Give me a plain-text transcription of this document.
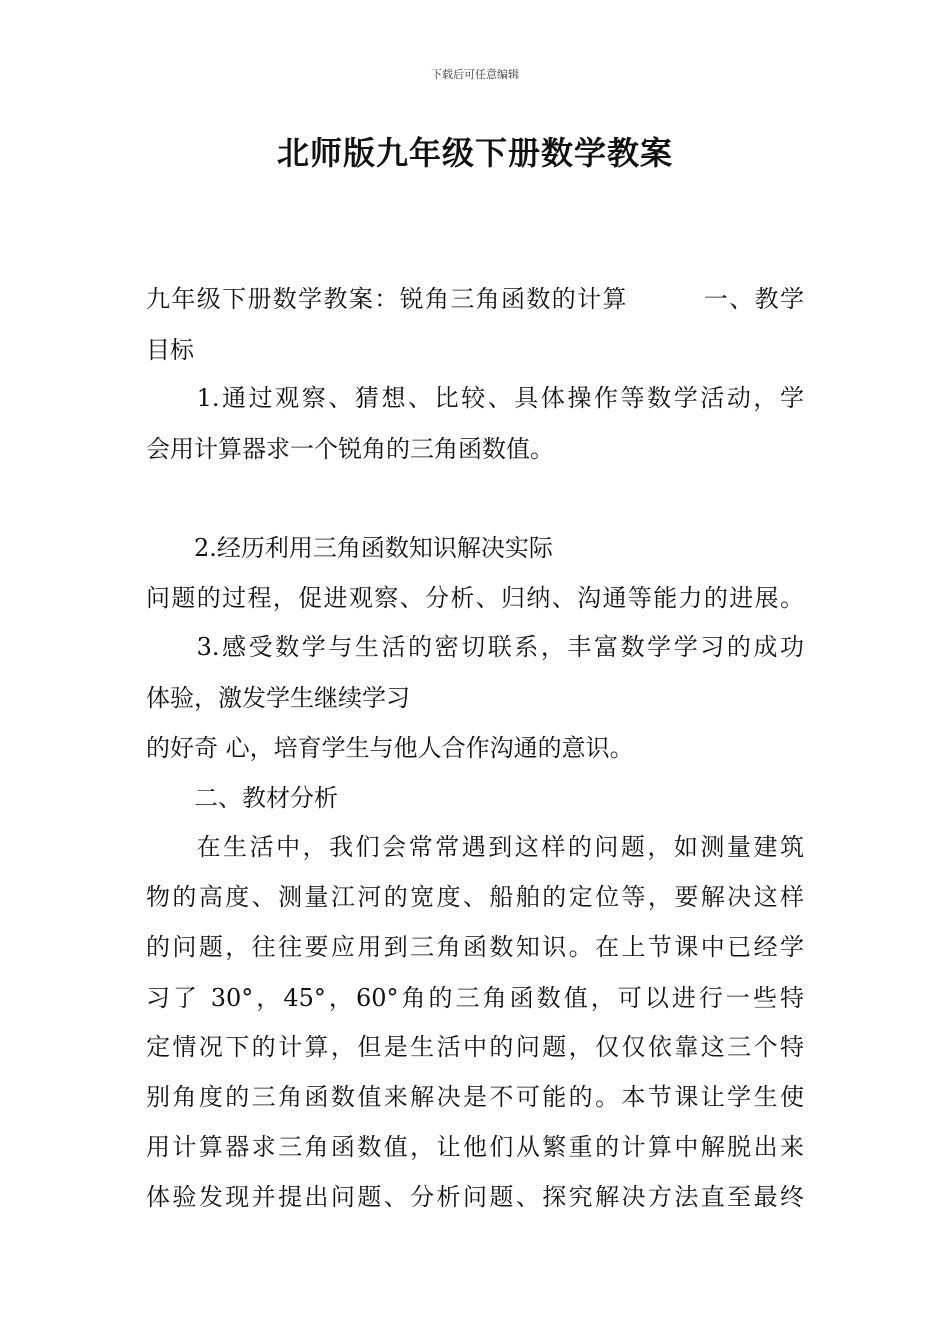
下载后可任意编辑
北师版九年级下册数学教案
九年级下册数学教案：锐角三角函数的计算　　　一、教学
目标
　1.通过观察、猜想、比较、具体操作等数学活动，学
会用计算器求一个锐角的三角函数值。
　2.经历利用三角函数知识解决实际
问题的过程，促进观察、分析、归纳、沟通等能力的进展。
　3.感受数学与生活的密切联系，丰富数学学习的成功
体验，激发学生继续学习
的好奇 心，培育学生与他人合作沟通的意识。
　二、教材分析
　在生活中，我们会常常遇到这样的问题，如测量建筑
物的高度、测量江河的宽度、船舶的定位等，要解决这样
的问题，往往要应用到三角函数知识。在上节课中已经学
习了 30°，45°，60°角的三角函数值，可以进行一些特
定情况下的计算，但是生活中的问题，仅仅依靠这三个特
别角度的三角函数值来解决是不可能的。本节课让学生使
用计算器求三角函数值，让他们从繁重的计算中解脱出来
体验发现并提出问题、分析问题、探究解决方法直至最终
